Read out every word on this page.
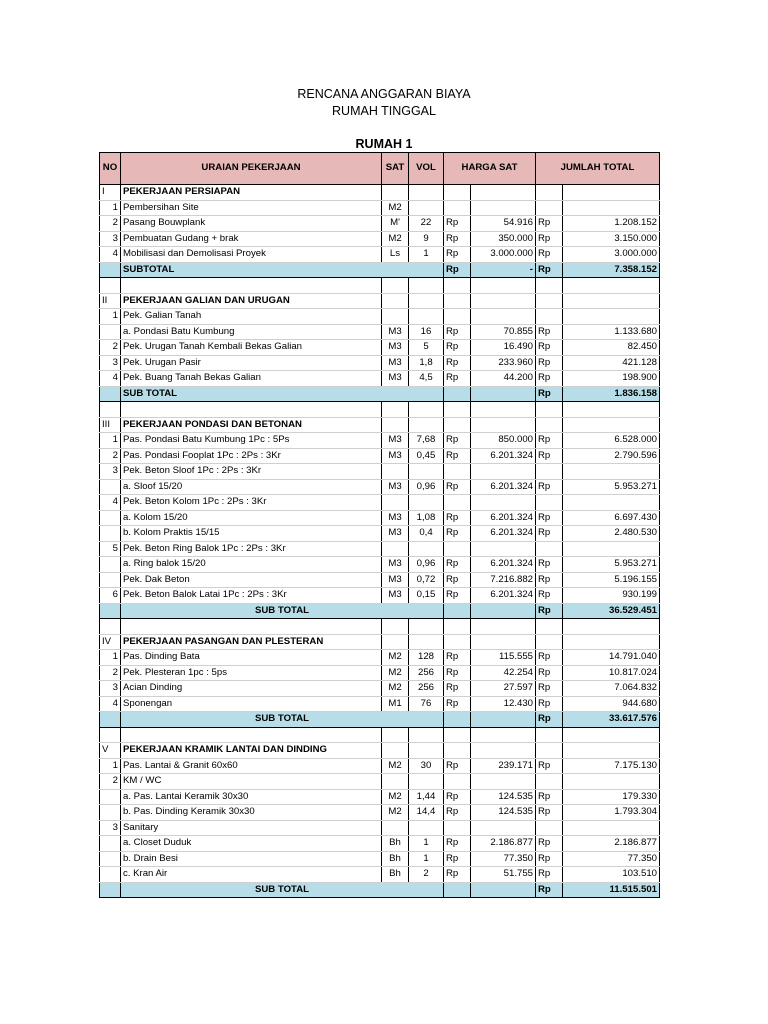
RENCANA ANGGARAN BIAYA
RUMAH TINGGAL
RUMAH 1
NO	URAIAN PEKERJAAN	SAT	VOL	HARGA SAT		JUMLAH TOTAL	
I	PEKERJAAN PERSIAPAN						
1	Pembersihan Site	M2					
2	Pasang Bouwplank	M'	22	Rp	54.916	Rp	1.208.152
3	Pembuatan Gudang + brak	M2	9	Rp	350.000	Rp	3.150.000
4	Mobilisasi dan Demolisasi Proyek	Ls	1	Rp	3.000.000	Rp	3.000.000
	SUBTOTAL			Rp	-	Rp	7.358.152

II	PEKERJAAN GALIAN DAN URUGAN						
1	Pek. Galian Tanah						
	a. Pondasi Batu Kumbung	M3	16	Rp	70.855	Rp	1.133.680
2	Pek. Urugan Tanah Kembali Bekas Galian	M3	5	Rp	16.490	Rp	82.450
3	Pek. Urugan Pasir	M3	1,8	Rp	233.960	Rp	421.128
4	Pek. Buang Tanah Bekas Galian	M3	4,5	Rp	44.200	Rp	198.900
	SUB TOTAL					Rp	1.836.158

III	PEKERJAAN PONDASI DAN BETONAN						
1	Pas. Pondasi Batu Kumbung 1Pc : 5Ps	M3	7,68	Rp	850.000	Rp	6.528.000
2	Pas. Pondasi Fooplat 1Pc : 2Ps : 3Kr	M3	0,45	Rp	6.201.324	Rp	2.790.596
3	Pek. Beton Sloof 1Pc : 2Ps : 3Kr						
	a. Sloof 15/20	M3	0,96	Rp	6.201.324	Rp	5.953.271
4	Pek. Beton Kolom 1Pc : 2Ps : 3Kr						
	a. Kolom 15/20	M3	1,08	Rp	6.201.324	Rp	6.697.430
	b. Kolom Praktis 15/15	M3	0,4	Rp	6.201.324	Rp	2.480.530
5	Pek. Beton Ring Balok 1Pc : 2Ps : 3Kr						
	a. Ring balok 15/20	M3	0,96	Rp	6.201.324	Rp	5.953.271
	Pek. Dak Beton	M3	0,72	Rp	7.216.882	Rp	5.196.155
6	Pek. Beton Balok Latai 1Pc : 2Ps : 3Kr	M3	0,15	Rp	6.201.324	Rp	930.199
	SUB TOTAL					Rp	36.529.451

IV	PEKERJAAN PASANGAN DAN PLESTERAN						
1	Pas. Dinding Bata	M2	128	Rp	115.555	Rp	14.791.040
2	Pek. Plesteran 1pc : 5ps	M2	256	Rp	42.254	Rp	10.817.024
3	Acian Dinding	M2	256	Rp	27.597	Rp	7.064.832
4	Sponengan	M1	76	Rp	12.430	Rp	944.680
	SUB TOTAL					Rp	33.617.576

V	PEKERJAAN KRAMIK LANTAI DAN DINDING						
1	Pas. Lantai & Granit 60x60	M2	30	Rp	239.171	Rp	7.175.130
2	KM / WC						
	a. Pas. Lantai Keramik 30x30	M2	1,44	Rp	124.535	Rp	179.330
	b. Pas. Dinding Keramik 30x30	M2	14,4	Rp	124.535	Rp	1.793.304
3	Sanitary						
	a. Closet Duduk	Bh	1	Rp	2.186.877	Rp	2.186.877
	b. Drain Besi	Bh	1	Rp	77.350	Rp	77.350
	c. Kran Air	Bh	2	Rp	51.755	Rp	103.510
	SUB TOTAL					Rp	11.515.501
